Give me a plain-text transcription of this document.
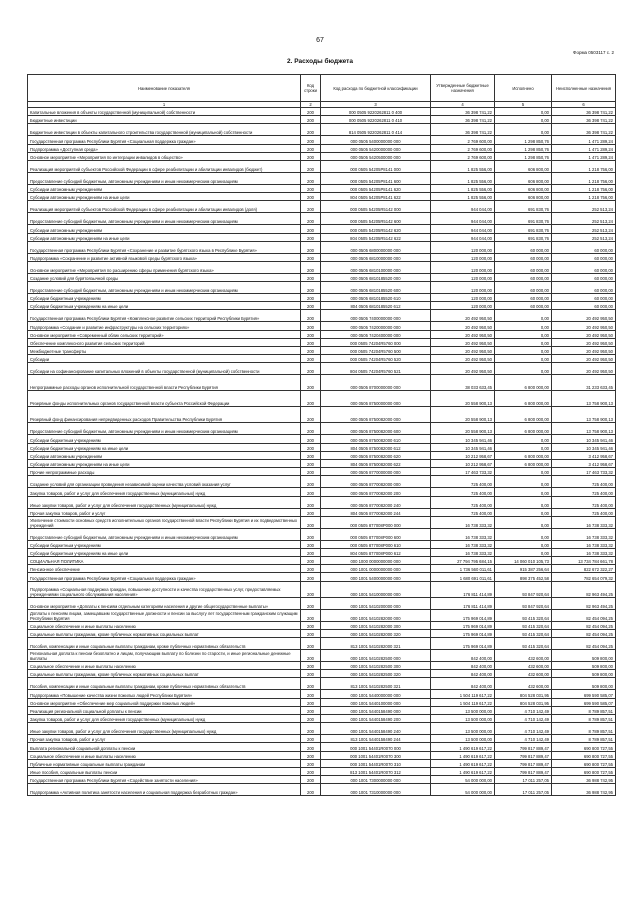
67
Форма 0503117 с. 2
2. Расходы бюджета
Наименование показателя	Код строки	Код расхода по бюджетной классификации	Утвержденные бюджетные назначения	Исполнено	Неисполненные назначения
1	2	3	4	5	6
Капитальные вложения в объекты государственной (муниципальной) собственности	200	000 0505 9220262811 0 400	36 398 741,22	0,00	36 398 741,22
Бюджетные инвестиции	200	000 0505 9220262811 0 410	36 398 741,22	0,00	36 398 741,22
Бюджетные инвестиции в объекты капитального строительства государственной (муниципальной) собственности	200	814 0505 9220262811 0 414	36 398 741,22	0,00	36 398 741,22
Государственная программа Республики Бурятия «Социальная поддержка граждан»	200	000 0505 5400000000 000	2 769 600,00	1 298 850,76	1 471 289,24
Подпрограмма «Доступная среда»	200	000 0505 5420000000 000	2 769 600,00	1 298 850,76	1 471 289,24
Основное мероприятие «Мероприятия по интеграции инвалидов в общество»	200	000 0505 5420500000 000	2 769 600,00	1 298 850,76	1 471 289,24
Реализация мероприятий субъектов Российской Федерации в сфере реабилитации и абилитации инвалидов (бюджет)	200	000 0505 54205P8141 000	1 825 556,00	606 800,00	1 218 756,00
Предоставление субсидий бюджетным, автономным учреждениям и иным некоммерческим организациям	200	000 0505 54205P8141 600	1 825 556,00	606 800,00	1 218 756,00
Субсидии автономным учреждениям	200	000 0505 54205P8141 620	1 825 556,00	606 800,00	1 218 756,00
Субсидии автономным учреждениям на иные цели	200	804 0505 54205P8141 622	1 825 556,00	606 800,00	1 218 756,00
Реализация мероприятий субъектов Российской Федерации в сфере реабилитации и абилитации инвалидов (доля)	200	000 0505 54205R5142 000	944 044,00	691 830,76	252 513,24
Предоставление субсидий бюджетным, автономным учреждениям и иным некоммерческим организациям	200	000 0505 54205R5142 600	944 044,00	691 830,76	252 513,24
Субсидии автономным учреждениям	200	000 0505 54205R5142 620	944 044,00	691 830,76	252 513,24
Субсидии автономным учреждениям на иные цели	200	804 0505 54205R5142 622	944 044,00	691 830,76	252 513,24
Государственная программа Республики Бурятия «Сохранение и развитие бурятского языка в Республике Бурятия»	200	000 0505 6800000000 000	120 000,00	60 000,00	60 000,00
Подпрограмма «Сохранение и развитие активной языковой среды бурятского языка»	200	000 0505 6810000000 000	120 000,00	60 000,00	60 000,00
Основное мероприятие «Мероприятия по расширению сферы применения бурятского языка»	200	000 0505 6810100000 000	120 000,00	60 000,00	60 000,00
Создание условий для бурятоязычной среды	200	000 0505 6810185520 000	120 000,00	60 000,00	60 000,00
Предоставление субсидий бюджетным, автономным учреждениям и иным некоммерческим организациям	200	000 0505 6810185520 600	120 000,00	60 000,00	60 000,00
Субсидии бюджетным учреждениям	200	000 0505 6810185520 610	120 000,00	60 000,00	60 000,00
Субсидии бюджетным учреждениям на иные цели	200	804 0505 6810185520 612	120 000,00	60 000,00	60 000,00
Государственная программа Республики Бурятия «Комплексное развитие сельских территорий Республики Бурятия»	200	000 0505 7400000000 000	20 492 950,50	0,00	20 492 950,50
Подпрограмма «Создание и развитие инфраструктуры на сельских территориях»	200	000 0505 7420000000 000	20 492 950,50	0,00	20 492 950,50
Основное мероприятие «Современный облик сельских территорий»	200	000 0505 7420400000 000	20 492 950,50	0,00	20 492 950,50
Обеспечение комплексного развития сельских территорий	200	000 0505 74204R5760 000	20 492 950,50	0,00	20 492 950,50
Межбюджетные трансферты	200	000 0505 74204R5760 500	20 492 950,50	0,00	20 492 950,50
Субсидии	200	000 0505 74204R5760 520	20 492 950,50	0,00	20 492 950,50
Субсидии на софинансирование капитальных вложений в объекты государственной (муниципальной) собственности	200	804 0505 74204R5760 521	20 492 950,50	0,00	20 492 950,50
Непрограммные расходы органов исполнительной государственной власти Республики Бурятия	200	000 0505 8700000000 000	38 033 633,45	6 800 000,00	31 233 633,45
Резервные фонды исполнительных органов государственной власти субъекта Российской Федерации	200	000 0505 8750000000 000	20 558 900,13	6 800 000,00	13 758 900,13
Резервный фонд финансирования непредвиденных расходов Правительства Республики Бурятия	200	000 0505 8750082000 000	20 558 900,13	6 800 000,00	13 758 900,13
Предоставление субсидий бюджетным, автономным учреждениям и иным некоммерческим организациям	200	000 0505 8750082000 600	20 558 900,13	6 800 000,00	13 758 900,13
Субсидии бюджетным учреждениям	200	000 0505 8750082000 610	10 345 941,46	0,00	10 345 941,46
Субсидии бюджетным учреждениям на иные цели	200	804 0505 8750082000 612	10 345 941,46	0,00	10 345 941,46
Субсидии автономным учреждениям	200	000 0505 8750082000 620	10 212 958,67	6 800 000,00	3 412 958,67
Субсидии автономным учреждениям на иные цели	200	804 0505 8750082000 622	10 212 958,67	6 800 000,00	3 412 958,67
Прочие непрограммные расходы	200	000 0505 8770000000 000	17 463 733,32	0,00	17 463 733,32
Создание условий для организации проведения независимой оценки качества условий оказания услуг	200	000 0505 8770082000 000	725 400,00	0,00	725 400,00
Закупка товаров, работ и услуг для обеспечения государственных (муниципальных) нужд	200	000 0505 8770082000 200	725 400,00	0,00	725 400,00
Иные закупки товаров, работ и услуг для обеспечения государственных (муниципальных) нужд	200	000 0505 8770082000 240	725 400,00	0,00	725 400,00
Прочая закупка товаров, работ и услуг	200	804 0505 8770082000 244	725 400,00	0,00	725 400,00
Увеличение стоимости основных средств исполнительных органов государственной власти Республики Бурятия и их подведомственных учреждений	200	000 0505 877008P000 000	16 738 333,32	0,00	16 738 333,32
Предоставление субсидий бюджетным, автономным учреждениям и иным некоммерческим организациям	200	000 0505 877008P000 600	16 738 333,32	0,00	16 738 333,32
Субсидии бюджетным учреждениям	200	000 0505 877008P000 610	16 738 333,32	0,00	16 738 333,32
Субсидии бюджетным учреждениям на иные цели	200	804 0505 877008P000 612	16 738 333,32	0,00	16 738 333,32
СОЦИАЛЬНАЯ ПОЛИТИКА	200	000 1000 0000000000 000	27 794 795 684,15	14 060 010 105,73	13 734 784 661,78
Пенсионное обеспечение	200	000 1001 0000000000 000	1 736 560 011,61	915 387 256,64	822 672 322,27
Государственная программа Республики Бурятия «Социальная поддержка граждан»	200	000 1001 5400000000 000	1 680 691 011,61	898 375 452,58	782 654 079,32
Подпрограмма «Социальная поддержка граждан, повышение доступности и качества государственных услуг, предоставляемых учреждениями социального обслуживания населения»	200	000 1001 5410000000 000	176 811 414,89	93 847 920,64	82 963 494,25
Основное мероприятие «Доплаты к пенсиям отдельным категориям населения и другие общегосударственные выплаты»	200	000 1001 5410200000 000	176 811 414,89	93 847 920,64	82 963 494,25
Доплаты к пенсиям лицам, замещавшим государственные должности и пенсии за выслугу лет государственным гражданским служащим Республики Бурятия	200	000 1001 5410282000 000	175 969 014,89	93 415 320,64	82 454 094,25
Социальное обеспечение и иные выплаты населению	200	000 1001 5410282000 300	175 969 014,89	93 415 320,64	82 454 094,25
Социальные выплаты гражданам, кроме публичных нормативных социальных выплат	200	000 1001 5410282000 320	175 969 014,89	93 415 320,64	82 454 094,25
Пособия, компенсации и иные социальные выплаты гражданам, кроме публичных нормативных обязательств	200	813 1001 5410282000 321	175 969 014,89	93 415 320,64	82 454 094,25
Региональная доплата к пенсии безоплатно и лицам, получающим выплату по болезни по старости, и иные региональные денежные выплаты	200	000 1001 5410282500 000	842 400,00	432 600,00	509 800,00
Социальное обеспечение и иные выплаты населению	200	000 1001 5410282500 300	842 400,00	432 600,00	509 800,00
Социальные выплаты гражданам, кроме публичных нормативных социальных выплат	200	000 1001 5410282500 320	842 400,00	432 600,00	509 800,00
Пособия, компенсации и иные социальные выплаты гражданам, кроме публичных нормативных обязательств	200	813 1001 5410282500 321	842 400,00	432 600,00	509 800,00
Подпрограмма «Повышение качества жизни пожилых людей Республики Бурятия»	200	000 1001 5440000000 000	1 504 119 617,22	804 528 031,95	699 590 585,07
Основное мероприятие «Обеспечение мер социальной поддержки пожилых людей»	200	000 1001 5440100000 000	1 504 119 617,22	804 528 031,95	699 590 585,07
Реализация региональной социальной доплаты к пенсии	200	000 1001 5440158490 000	13 500 000,00	4 710 142,49	8 789 857,51
Закупка товаров, работ и услуг для обеспечения государственных (муниципальных) нужд	200	000 1001 5440158490 200	13 500 000,00	4 710 142,49	8 789 857,51
Иные закупки товаров, работ и услуг для обеспечения государственных (муниципальных) нужд	200	000 1001 5440158490 240	13 500 000,00	4 710 142,49	8 789 857,51
Прочая закупка товаров, работ и услуг	200	813 1001 5440158490 244	13 500 000,00	4 710 142,49	8 789 857,51
Выплата региональной социальной доплаты к пенсии	200	000 1001 54401R0070 000	1 490 619 617,22	799 817 889,47	690 800 727,55
Социальное обеспечение и иные выплаты населению	200	000 1001 54401R0070 300	1 490 619 617,22	799 817 889,47	690 800 727,55
Публичные нормативные социальные выплаты гражданам	200	000 1001 54401R0070 310	1 490 619 617,22	799 817 889,47	690 800 727,55
Иные пособия, социальные выплаты пенсии	200	813 1001 54401R0070 312	1 490 619 617,22	799 817 889,47	690 800 727,55
Государственная программа Республики Бурятия «Содействие занятости населения»	200	000 1001 7300000000 000	54 000 000,00	17 011 257,05	36 988 742,95
Подпрограмма «Активная политика занятости населения и социальная поддержка безработных граждан»	200	000 1001 7310000000 000	54 000 000,00	17 011 257,05	36 988 742,95
